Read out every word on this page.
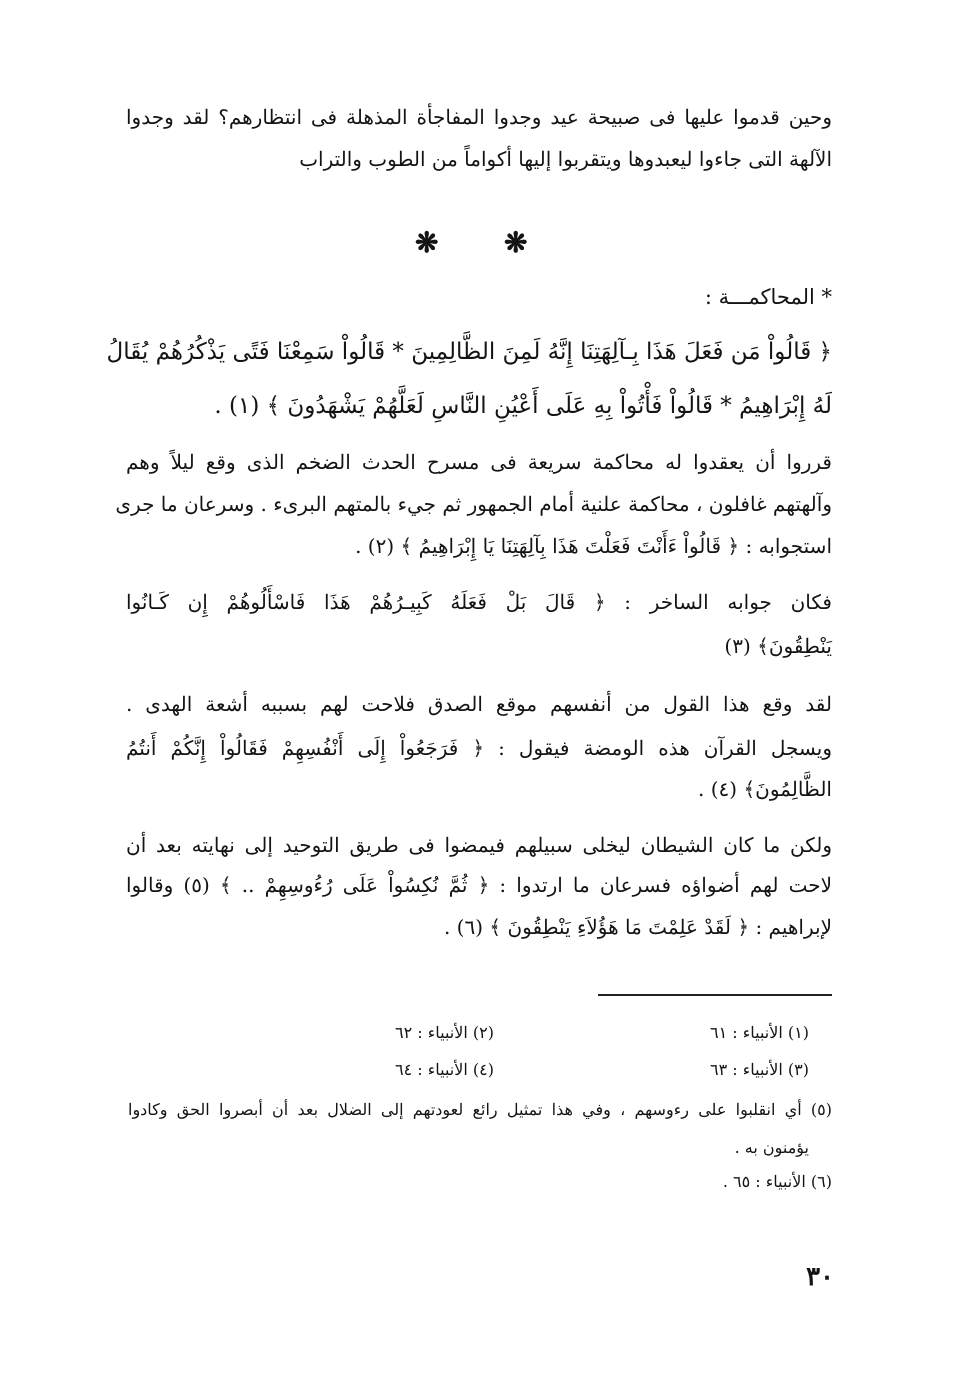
وحين قدموا عليها فى صبيحة عيد وجدوا المفاجأة المذهلة فى انتظارهم؟ لقد وجدوا
الآلهة التى جاءوا ليعبدوها ويتقربوا إليها أكواماً من الطوب والتراب
❋ ❋
* المحاكمـــة :
﴿ قَالُواْ مَن فَعَلَ هَذَا بِـآلِهَتِنَا إِنَّهُ لَمِنَ الظَّالِمِينَ * قَالُواْ سَمِعْنَا فَتًى يَذْكُرُهُمْ يُقَالُ
لَهُ إِبْرَاهِيمُ * قَالُواْ فَأْتُواْ بِهِ عَلَى أَعْيُنِ النَّاسِ لَعَلَّهُمْ يَشْهَدُونَ ﴾ (١) .
قرروا أن يعقدوا له محاكمة سريعة فى مسرح الحدث الضخم الذى وقع ليلاً وهم
وآلهتهم غافلون ، محاكمة علنية أمام الجمهور ثم جيء بالمتهم البرىء . وسرعان ما جرى
استجوابه : ﴿ قَالُواْ ءَأَنْتَ فَعَلْتَ هَذَا بِآلِهَتِنَا يَا إِبْرَاهِيمُ ﴾ (٢) .
فكان جوابه الساخر : ﴿ قَالَ بَلْ فَعَلَهُ كَبِيـرُهُمْ هَذَا فَاسْأَلُوهُمْ إِن كَـانُوا
يَنْطِقُونَ﴾ (٣)
لقد وقع هذا القول من أنفسهم موقع الصدق فلاحت لهم بسببه أشعة الهدى .
ويسجل القرآن هذه الومضة فيقول : ﴿ فَرَجَعُواْ إِلَى أَنْفُسِهِمْ فَقَالُواْ إِنَّكُمْ أَنتُمُ
الظَّالِمُونَ﴾ (٤) .
ولكن ما كان الشيطان ليخلى سبيلهم فيمضوا فى طريق التوحيد إلى نهايته بعد أن
لاحت لهم أضواؤه فسرعان ما ارتدوا : ﴿ ثُمَّ نُكِسُواْ عَلَى رُءُوسِهِمْ .. ﴾ (٥) وقالوا
لإبراهيم : ﴿ لَقَدْ عَلِمْتَ مَا هَؤُلاَءِ يَنْطِقُونَ ﴾ (٦) .
(١) الأنبياء : ٦١
(٢) الأنبياء : ٦٢
(٣) الأنبياء : ٦٣
(٤) الأنبياء : ٦٤
(٥) أي انقلبوا على رءوسهم ، وفي هذا تمثيل رائع لعودتهم إلى الضلال بعد أن أبصروا الحق وكادوا
يؤمنون به .
(٦) الأنبياء : ٦٥ .
٣٠
